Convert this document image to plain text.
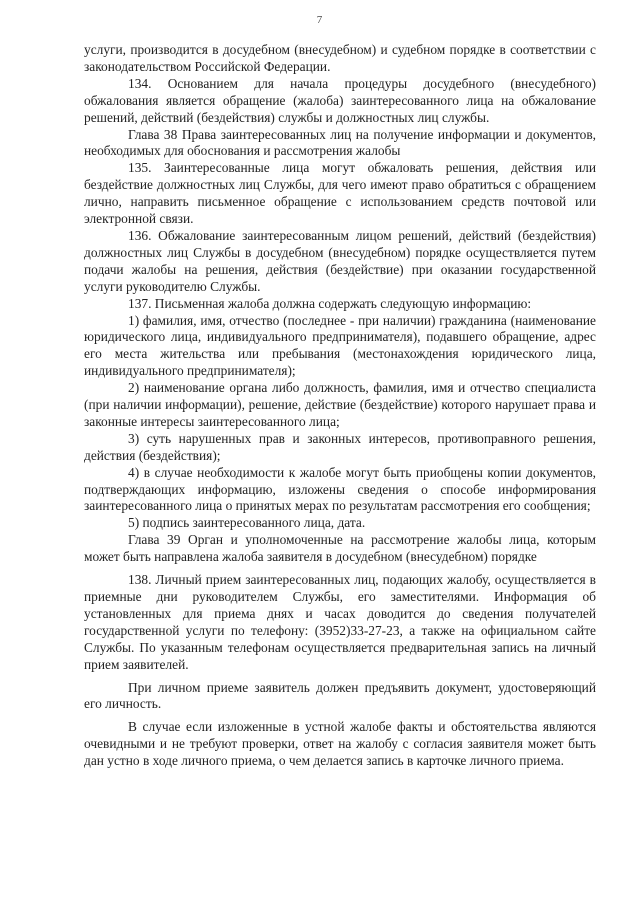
7

услуги, производится в досудебном (внесудебном) и судебном порядке в соответствии с законодательством Российской Федерации.

134. Основанием для начала процедуры досудебного (внесудебного) обжалования является обращение (жалоба) заинтересованного лица на обжалование решений, действий (бездействия) службы и должностных лиц службы.

Глава 38 Права заинтересованных лиц на получение информации и документов, необходимых для обоснования и рассмотрения жалобы

135. Заинтересованные лица могут обжаловать решения, действия или бездействие должностных лиц Службы, для чего имеют право обратиться с обращением лично, направить письменное обращение с использованием средств почтовой или электронной связи.

136. Обжалование заинтересованным лицом решений, действий (бездействия) должностных лиц Службы в досудебном (внесудебном) порядке осуществляется путем подачи жалобы на решения, действия (бездействие) при оказании государственной услуги руководителю Службы.

137. Письменная жалоба должна содержать следующую информацию:

1) фамилия, имя, отчество (последнее - при наличии) гражданина (наименование юридического лица, индивидуального предпринимателя), подавшего обращение, адрес его места жительства или пребывания (местонахождения юридического лица, индивидуального предпринимателя);

2) наименование органа либо должность, фамилия, имя и отчество специалиста (при наличии информации), решение, действие (бездействие) которого нарушает права и законные интересы заинтересованного лица;

3) суть нарушенных прав и законных интересов, противоправного решения, действия (бездействия);

4) в случае необходимости к жалобе могут быть приобщены копии документов, подтверждающих информацию, изложены сведения о способе информирования заинтересованного лица о принятых мерах по результатам рассмотрения его сообщения;

5) подпись заинтересованного лица, дата.

Глава 39 Орган и уполномоченные на рассмотрение жалобы лица, которым может быть направлена жалоба заявителя в досудебном (внесудебном) порядке

138. Личный прием заинтересованных лиц, подающих жалобу, осуществляется в приемные дни руководителем Службы, его заместителями. Информация об установленных для приема днях и часах доводится до сведения получателей государственной услуги по телефону: (3952)33-27-23, а также на официальном сайте Службы. По указанным телефонам осуществляется предварительная запись на личный прием заявителей.

При личном приеме заявитель должен предъявить документ, удостоверяющий его личность.

В случае если изложенные в устной жалобе факты и обстоятельства являются очевидными и не требуют проверки, ответ на жалобу с согласия заявителя может быть дан устно в ходе личного приема, о чем делается запись в карточке личного приема.
